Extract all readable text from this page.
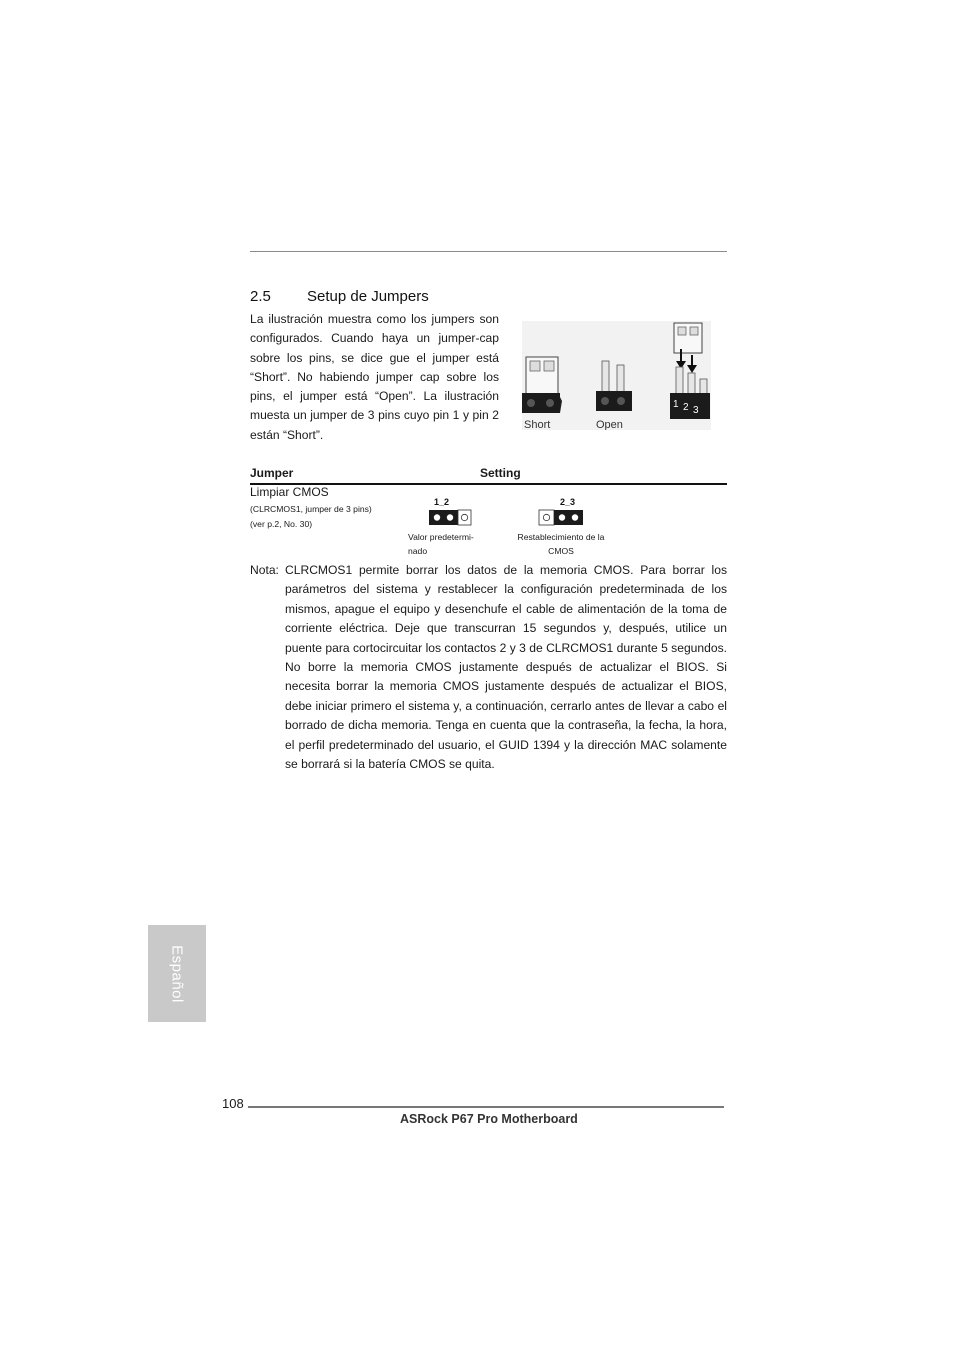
2.5 Setup de Jumpers
La ilustración muestra como los jumpers son configurados. Cuando haya un jumper-cap sobre los pins, se dice gue el jumper está “Short”. No habiendo jumper cap sobre los pins, el jumper está “Open”. La ilustración muesta un jumper de 3 pins cuyo pin 1 y pin 2 están “Short”.
Short	Open
1 2 3
Jumper	Setting
Limpiar CMOS
(CLRCMOS1, jumper de 3 pins)
(ver p.2, No. 30)
1_2
Valor predetermi-nado
2_3
Restablecimiento de la CMOS
Nota: CLRCMOS1 permite borrar los datos de la memoria CMOS. Para borrar los parámetros del sistema y restablecer la configuración predeterminada de los mismos, apague el equipo y desenchufe el cable de alimentación de la toma de corriente eléctrica. Deje que transcurran 15 segundos y, después, utilice un puente para cortocircuitar los contactos 2 y 3 de CLRCMOS1 durante 5 segundos. No borre la memoria CMOS justamente después de actualizar el BIOS. Si necesita borrar la memoria CMOS justamente después de actualizar el BIOS, debe iniciar primero el sistema y, a continuación, cerrarlo antes de llevar a cabo el borrado de dicha memoria. Tenga en cuenta que la contraseña, la fecha, la hora, el perfil predeterminado del usuario, el GUID 1394 y la dirección MAC solamente se borrará si la batería CMOS se quita.
Español
108
ASRock P67 Pro Motherboard
